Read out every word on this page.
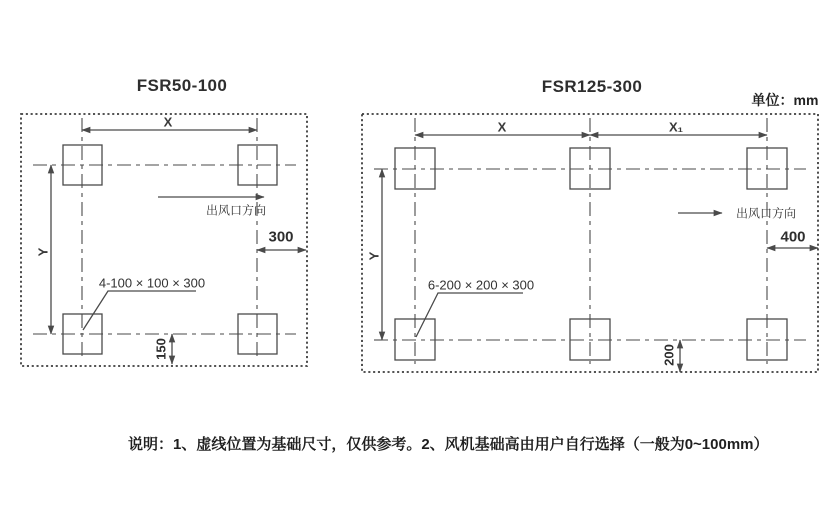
FSR50-100
X
Y
出风口方向
300
150
4-100 × 100 × 300
FSR125-300
单位：mm
X	X₁
Y
出风口方向
400
200
6-200 × 200 × 300
说明：1、虚线位置为基础尺寸，仅供参考。2、风机基础高由用户自行选择（一般为0~100mm）
